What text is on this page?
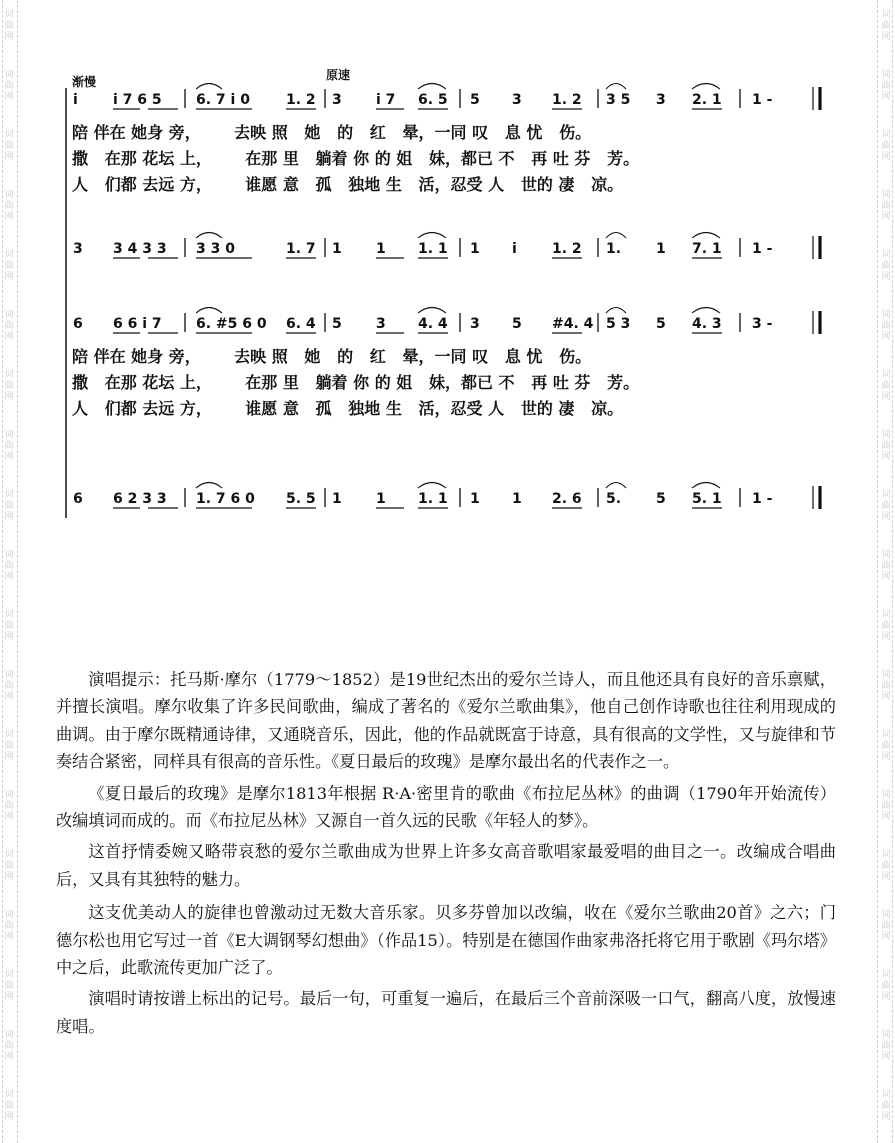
词
曲
网
词
曲
网
词
曲
网
词
曲
网
词
曲
网
词
曲
网
词
曲
网
词
曲
网
词
曲
网
词
曲
网
词
曲
网
词
曲
网
词
曲
网
词
曲
网
词
曲
网
词
曲
网
词
曲
网
词
曲
网
词
曲
网
词
曲
网
词
曲
网
词
曲
网
词
曲
网
词
曲
网
词
曲
网
词
曲
网
词
曲
网
词
曲
网
词
曲
网
词
曲
网
词
曲
网
词
曲
网
词
曲
网
词
曲
网
词
曲
网
词
曲
网
词
曲
网
词
曲
网
渐慢	原速
i	i 7 6 5 6. 7 i 0	1. 2 3 i 7 6. 5 5 3 1. 2 3 5 3 2. 1 1 -
3 3 4 3 3 3 3 0	1. 7 1 1 1. 1 1 i	1. 2 1. 1 7. 1 1 -
6 6 6 i 7 6. #5 6 0 6. 4 5 3 4. 4 3 5 #4. 4 5 3 5 4. 3 3 -
6 6 2 3 3 1. 7 6 0 5. 5 1 1 1. 1 1 1 2. 6 5. 5 5. 1 1 -
陪 伴在 她身 旁，      去映 照   她   的   红   晕，一同 叹   息 忧   伤。
撒   在那 花坛 上，      在那 里   躺着 你 的 姐   妹，都已 不   再 吐 芬   芳。
人   们都 去远 方，      谁愿 意   孤   独地 生   活，忍受 人   世的 凄   凉。
陪 伴在 她身 旁，      去映 照   她   的   红   晕，一同 叹   息 忧   伤。
撒   在那 花坛 上，      在那 里   躺着 你 的 姐   妹，都已 不   再 吐 芬   芳。
人   们都 去远 方，      谁愿 意   孤   独地 生   活，忍受 人   世的 凄   凉。

演唱提示：托马斯·摩尔（1779～1852）是19世纪杰出的爱尔兰诗人，而且他还具有良好的音乐禀赋，并擅长演唱。摩尔收集了许多民间歌曲，编成了著名的《爱尔兰歌曲集》，他自己创作诗歌也往往利用现成的曲调。由于摩尔既精通诗律，又通晓音乐，因此，他的作品就既富于诗意，具有很高的文学性，又与旋律和节奏结合紧密，同样具有很高的音乐性。《夏日最后的玫瑰》是摩尔最出名的代表作之一。

《夏日最后的玫瑰》是摩尔1813年根据 R·A·密里肯的歌曲《布拉尼丛林》的曲调（1790年开始流传）改编填词而成的。而《布拉尼丛林》又源自一首久远的民歌《年轻人的梦》。

这首抒情委婉又略带哀愁的爱尔兰歌曲成为世界上许多女高音歌唱家最爱唱的曲目之一。改编成合唱曲后，又具有其独特的魅力。

这支优美动人的旋律也曾激动过无数大音乐家。贝多芬曾加以改编，收在《爱尔兰歌曲20首》之六；门德尔松也用它写过一首《E大调钢琴幻想曲》（作品15）。特别是在德国作曲家弗洛托将它用于歌剧《玛尔塔》中之后，此歌流传更加广泛了。

演唱时请按谱上标出的记号。最后一句，可重复一遍后，在最后三个音前深吸一口气，翻高八度，放慢速度唱。
